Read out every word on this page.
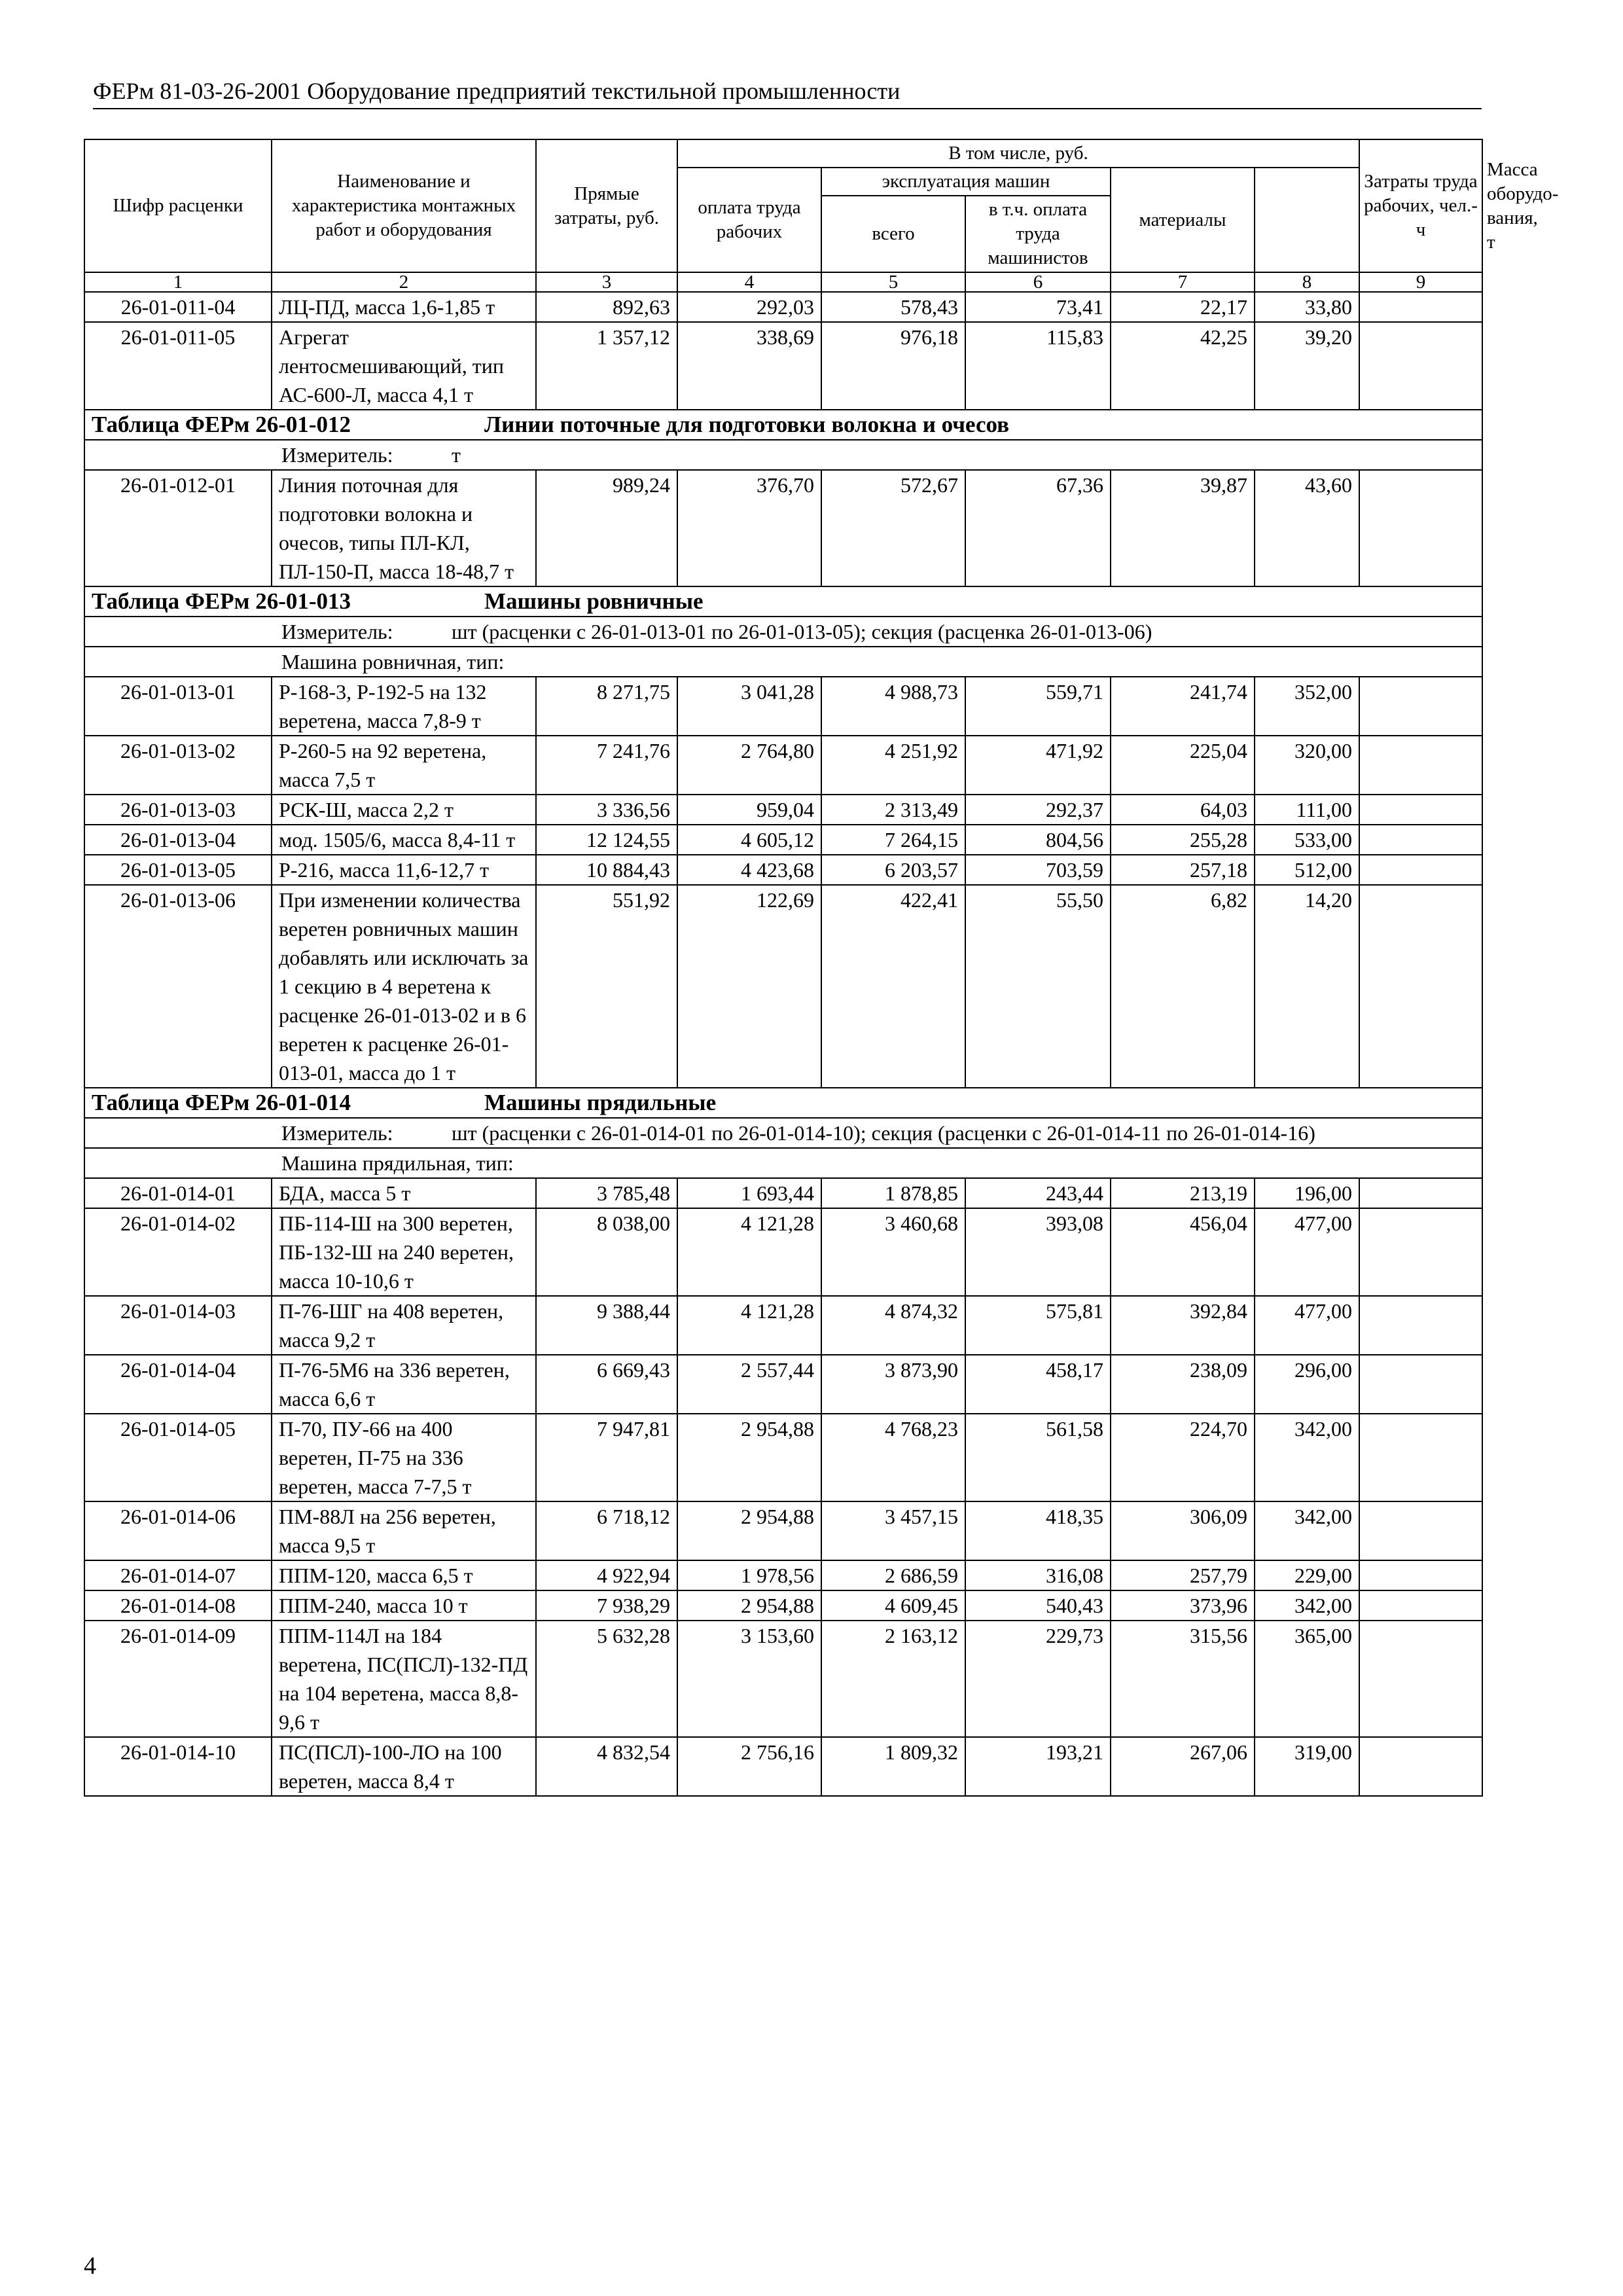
ФЕРм 81-03-26-2001 Оборудование предприятий текстильной промышленности
Шифр расценки	Наименование и характеристика монтажных работ и оборудования	Прямые затраты, руб.	В том числе, руб.					Затраты труда рабочих, чел.-ч	Масса оборудо-вания, т
			оплата труда рабочих	эксплуатация машин		материалы			
				всего	в т.ч. оплата труда машинистов				
1	2	3	4	5	6	7	8	9	
26-01-011-04	ЛЦ-ПД, масса 1,6-1,85 т	892,63	292,03	578,43	73,41	22,17	33,80		
26-01-011-05	Агрегат лентосмешивающий, тип АС-600-Л, масса 4,1 т	1 357,12	338,69	976,18	115,83	42,25	39,20		
Таблица ФЕРм 26-01-012 Линии поточные для подготовки волокна и очесов									
Измеритель: т									
26-01-012-01	Линия поточная для подготовки волокна и очесов, типы ПЛ-КЛ, ПЛ-150-П, масса 18-48,7 т	989,24	376,70	572,67	67,36	39,87	43,60		
Таблица ФЕРм 26-01-013 Машины ровничные									
Измеритель: шт (расценки с 26-01-013-01 по 26-01-013-05); секция (расценка 26-01-013-06)									
Машина ровничная, тип:									
26-01-013-01	Р-168-3, Р-192-5 на 132 веретена, масса 7,8-9 т	8 271,75	3 041,28	4 988,73	559,71	241,74	352,00		
26-01-013-02	Р-260-5 на 92 веретена, масса 7,5 т	7 241,76	2 764,80	4 251,92	471,92	225,04	320,00		
26-01-013-03	РСК-Ш, масса 2,2 т	3 336,56	959,04	2 313,49	292,37	64,03	111,00		
26-01-013-04	мод. 1505/6, масса 8,4-11 т	12 124,55	4 605,12	7 264,15	804,56	255,28	533,00		
26-01-013-05	Р-216, масса 11,6-12,7 т	10 884,43	4 423,68	6 203,57	703,59	257,18	512,00		
26-01-013-06	При изменении количества веретен ровничных машин добавлять или исключать за 1 секцию в 4 веретена к расценке 26-01-013-02 и в 6 веретен к расценке 26-01-013-01, масса до 1 т	551,92	122,69	422,41	55,50	6,82	14,20		
Таблица ФЕРм 26-01-014 Машины прядильные									
Измеритель: шт (расценки с 26-01-014-01 по 26-01-014-10); секция (расценки с 26-01-014-11 по 26-01-014-16)									
Машина прядильная, тип:									
26-01-014-01	БДА, масса 5 т	3 785,48	1 693,44	1 878,85	243,44	213,19	196,00		
26-01-014-02	ПБ-114-Ш на 300 веретен, ПБ-132-Ш на 240 веретен, масса 10-10,6 т	8 038,00	4 121,28	3 460,68	393,08	456,04	477,00		
26-01-014-03	П-76-ШГ на 408 веретен, масса 9,2 т	9 388,44	4 121,28	4 874,32	575,81	392,84	477,00		
26-01-014-04	П-76-5М6 на 336 веретен, масса 6,6 т	6 669,43	2 557,44	3 873,90	458,17	238,09	296,00		
26-01-014-05	П-70, ПУ-66 на 400 веретен, П-75 на 336 веретен, масса 7-7,5 т	7 947,81	2 954,88	4 768,23	561,58	224,70	342,00		
26-01-014-06	ПМ-88Л на 256 веретен, масса 9,5 т	6 718,12	2 954,88	3 457,15	418,35	306,09	342,00		
26-01-014-07	ППМ-120, масса 6,5 т	4 922,94	1 978,56	2 686,59	316,08	257,79	229,00		
26-01-014-08	ППМ-240, масса 10 т	7 938,29	2 954,88	4 609,45	540,43	373,96	342,00		
26-01-014-09	ППМ-114Л на 184 веретена, ПС(ПСЛ)-132-ПД на 104 веретена, масса 8,8-9,6 т	5 632,28	3 153,60	2 163,12	229,73	315,56	365,00		
26-01-014-10	ПС(ПСЛ)-100-ЛО на 100 веретен, масса 8,4 т	4 832,54	2 756,16	1 809,32	193,21	267,06	319,00		
4
